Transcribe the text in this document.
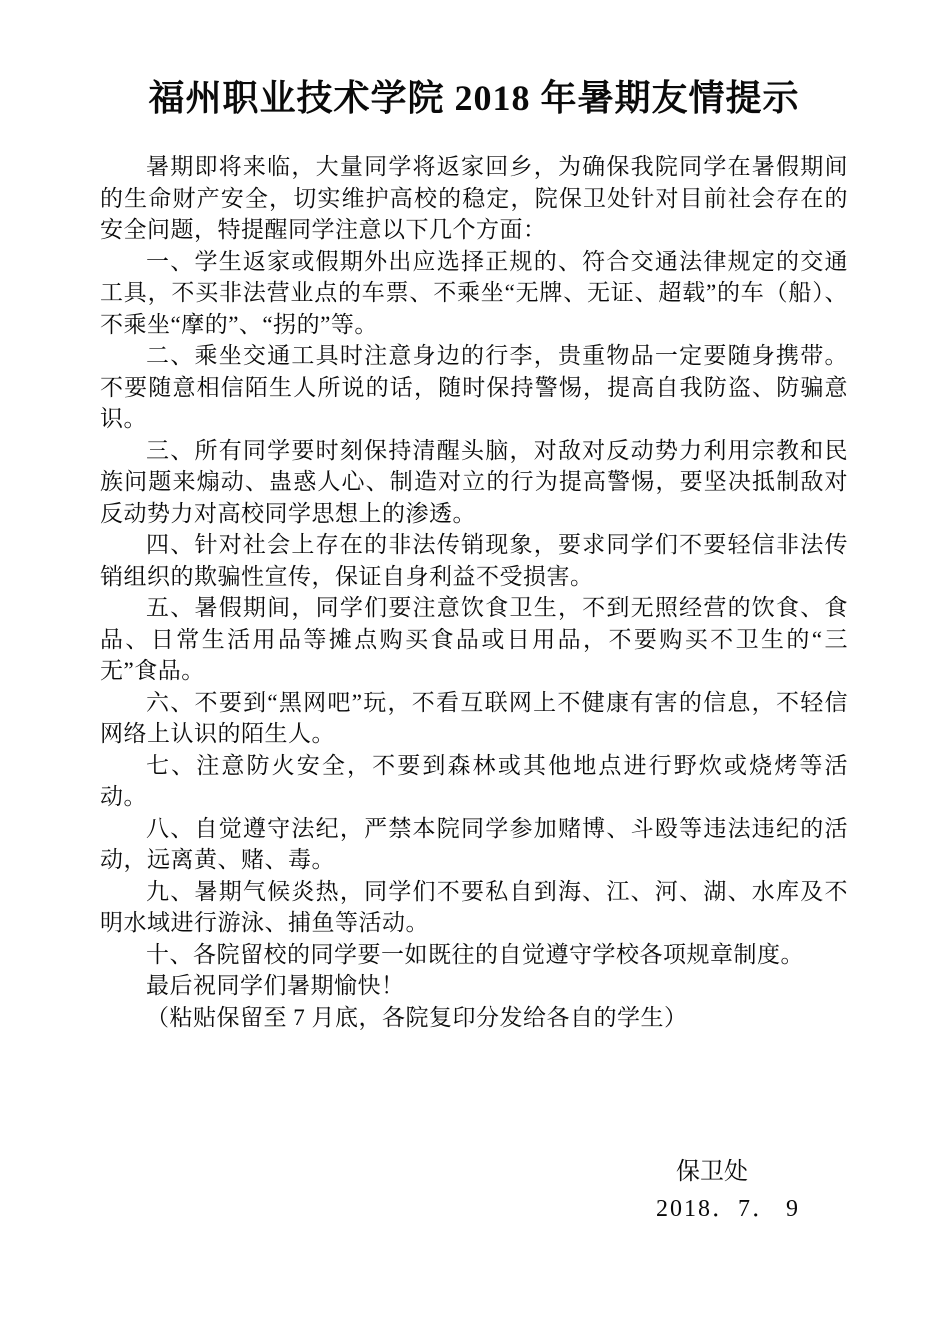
福州职业技术学院 2018 年暑期友情提示

暑期即将来临，大量同学将返家回乡，为确保我院同学在暑假期间的生命财产安全，切实维护高校的稳定，院保卫处针对目前社会存在的安全问题，特提醒同学注意以下几个方面：

一、学生返家或假期外出应选择正规的、符合交通法律规定的交通工具，不买非法营业点的车票、不乘坐“无牌、无证、超载”的车（船）、不乘坐“摩的”、“拐的”等。

二、乘坐交通工具时注意身边的行李，贵重物品一定要随身携带。不要随意相信陌生人所说的话，随时保持警惕，提高自我防盗、防骗意识。

三、所有同学要时刻保持清醒头脑，对敌对反动势力利用宗教和民族问题来煽动、蛊惑人心、制造对立的行为提高警惕，要坚决抵制敌对反动势力对高校同学思想上的渗透。

四、针对社会上存在的非法传销现象，要求同学们不要轻信非法传销组织的欺骗性宣传，保证自身利益不受损害。

五、暑假期间，同学们要注意饮食卫生，不到无照经营的饮食、食品、日常生活用品等摊点购买食品或日用品，不要购买不卫生的“三无”食品。

六、不要到“黑网吧”玩，不看互联网上不健康有害的信息，不轻信网络上认识的陌生人。

七、注意防火安全，不要到森林或其他地点进行野炊或烧烤等活动。

八、自觉遵守法纪，严禁本院同学参加赌博、斗殴等违法违纪的活动，远离黄、赌、毒。

九、暑期气候炎热，同学们不要私自到海、江、河、湖、水库及不明水域进行游泳、捕鱼等活动。

十、各院留校的同学要一如既往的自觉遵守学校各项规章制度。

最后祝同学们暑期愉快！

（粘贴保留至 7 月底，各院复印分发给各自的学生）

保卫处
2018．7． 9
